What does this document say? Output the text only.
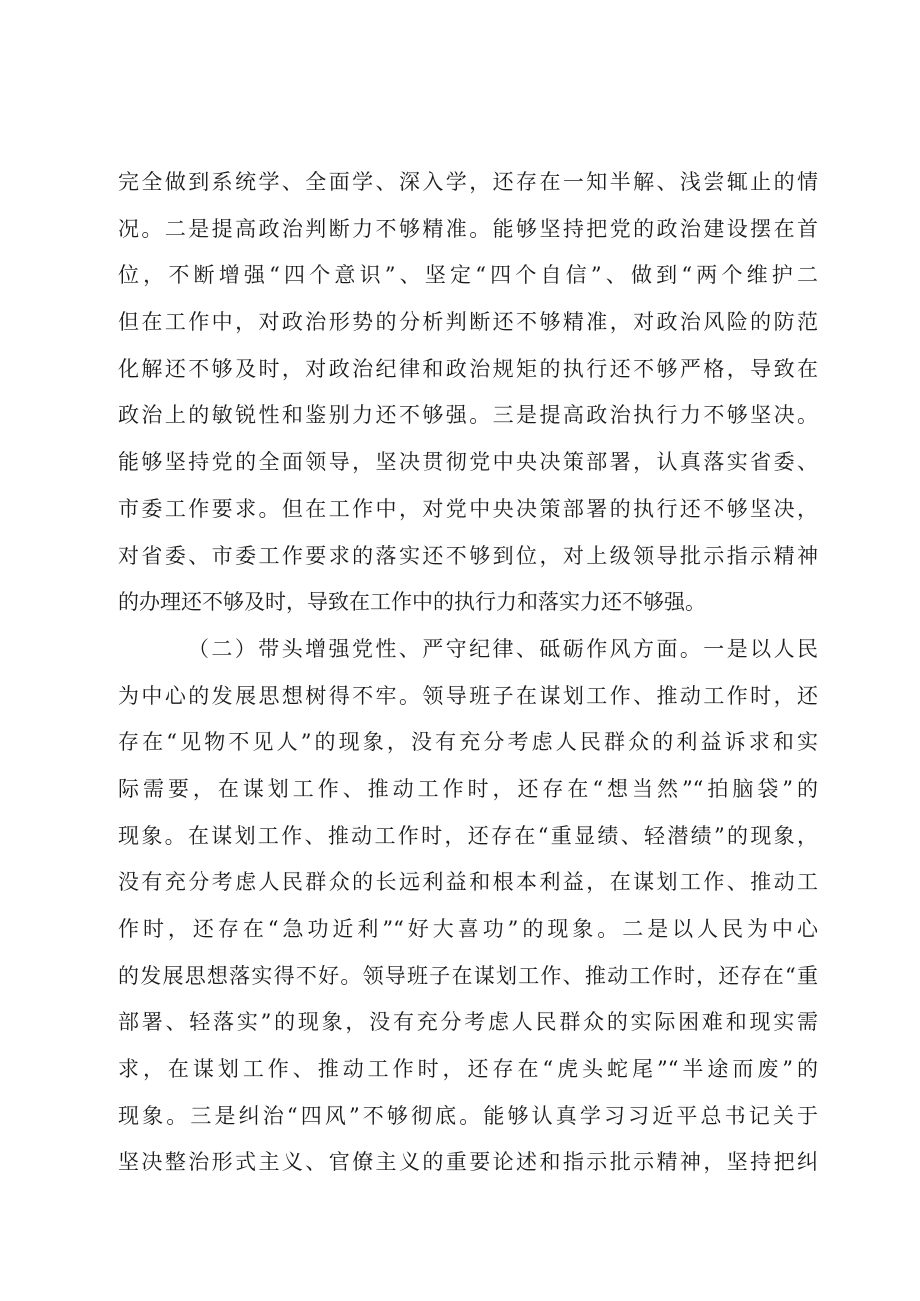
完全做到系统学、全面学、深入学，还存在一知半解、浅尝辄止的情
况。二是提高政治判断力不够精准。能够坚持把党的政治建设摆在首
位，不断增强“四个意识”、坚定“四个自信”、做到“两个维护二
但在工作中，对政治形势的分析判断还不够精准，对政治风险的防范
化解还不够及时，对政治纪律和政治规矩的执行还不够严格，导致在
政治上的敏锐性和鉴别力还不够强。三是提高政治执行力不够坚决。
能够坚持党的全面领导，坚决贯彻党中央决策部署，认真落实省委、
市委工作要求。但在工作中，对党中央决策部署的执行还不够坚决，
对省委、市委工作要求的落实还不够到位，对上级领导批示指示精神
的办理还不够及时，导致在工作中的执行力和落实力还不够强。
（二）带头增强党性、严守纪律、砥砺作风方面。一是以人民
为中心的发展思想树得不牢。领导班子在谋划工作、推动工作时，还
存在“见物不见人”的现象，没有充分考虑人民群众的利益诉求和实
际需要，在谋划工作、推动工作时，还存在“想当然”“拍脑袋”的
现象。在谋划工作、推动工作时，还存在“重显绩、轻潜绩”的现象，
没有充分考虑人民群众的长远利益和根本利益，在谋划工作、推动工
作时，还存在“急功近利”“好大喜功”的现象。二是以人民为中心
的发展思想落实得不好。领导班子在谋划工作、推动工作时，还存在“重
部署、轻落实”的现象，没有充分考虑人民群众的实际困难和现实需
求，在谋划工作、推动工作时，还存在“虎头蛇尾”“半途而废”的
现象。三是纠治“四风”不够彻底。能够认真学习习近平总书记关于
坚决整治形式主义、官僚主义的重要论述和指示批示精神，坚持把纠
